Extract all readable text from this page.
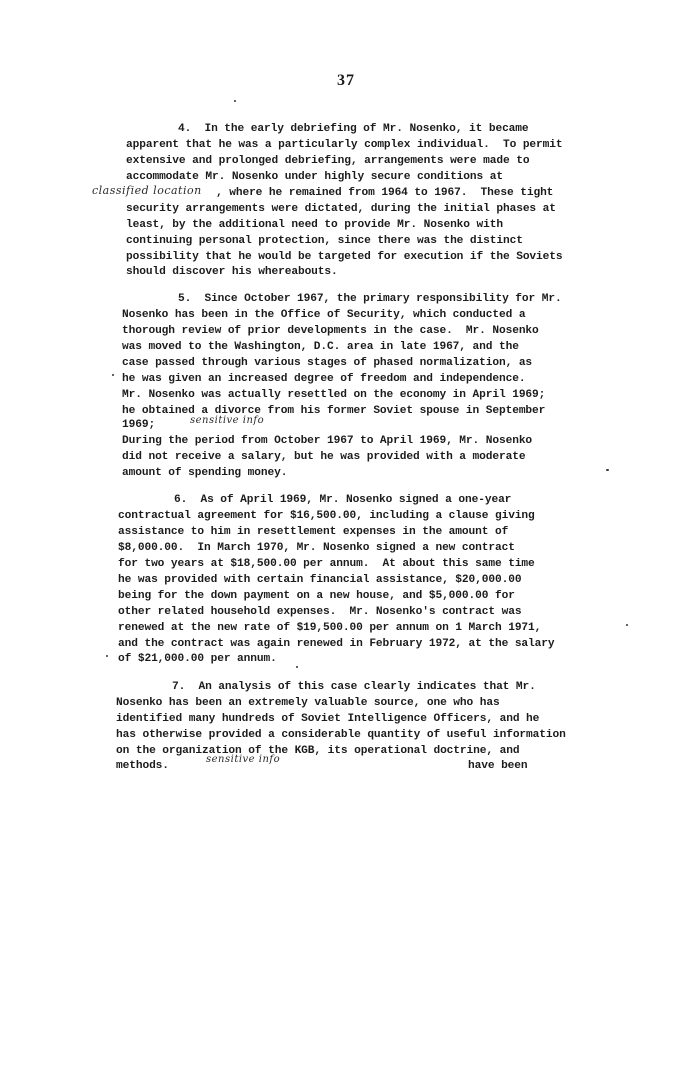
37
4.  In the early debriefing of Mr. Nosenko, it became
apparent that he was a particularly complex individual.  To permit
extensive and prolonged debriefing, arrangements were made to
accommodate Mr. Nosenko under highly secure conditions at
classified location , where he remained from 1964 to 1967.  These tight
security arrangements were dictated, during the initial phases at
least, by the additional need to provide Mr. Nosenko with
continuing personal protection, since there was the distinct
possibility that he would be targeted for execution if the Soviets
should discover his whereabouts.
5.  Since October 1967, the primary responsibility for Mr.
Nosenko has been in the Office of Security, which conducted a
thorough review of prior developments in the case.  Mr. Nosenko
was moved to the Washington, D.C. area in late 1967, and the
case passed through various stages of phased normalization, as
he was given an increased degree of freedom and independence.
Mr. Nosenko was actually resettled on the economy in April 1969;
he obtained a divorce from his former Soviet spouse in September
1969;	sensitive info
During the period from October 1967 to April 1969, Mr. Nosenko
did not receive a salary, but he was provided with a moderate
amount of spending money.
6.  As of April 1969, Mr. Nosenko signed a one-year
contractual agreement for $16,500.00, including a clause giving
assistance to him in resettlement expenses in the amount of
$8,000.00.  In March 1970, Mr. Nosenko signed a new contract
for two years at $18,500.00 per annum.  At about this same time
he was provided with certain financial assistance, $20,000.00
being for the down payment on a new house, and $5,000.00 for
other related household expenses.  Mr. Nosenko's contract was
renewed at the new rate of $19,500.00 per annum on 1 March 1971,
and the contract was again renewed in February 1972, at the salary
of $21,000.00 per annum.
7.  An analysis of this case clearly indicates that Mr.
Nosenko has been an extremely valuable source, one who has
identified many hundreds of Soviet Intelligence Officers, and he
has otherwise provided a considerable quantity of useful information
on the organization of the KGB, its operational doctrine, and
methods.
sensitive info
have been
